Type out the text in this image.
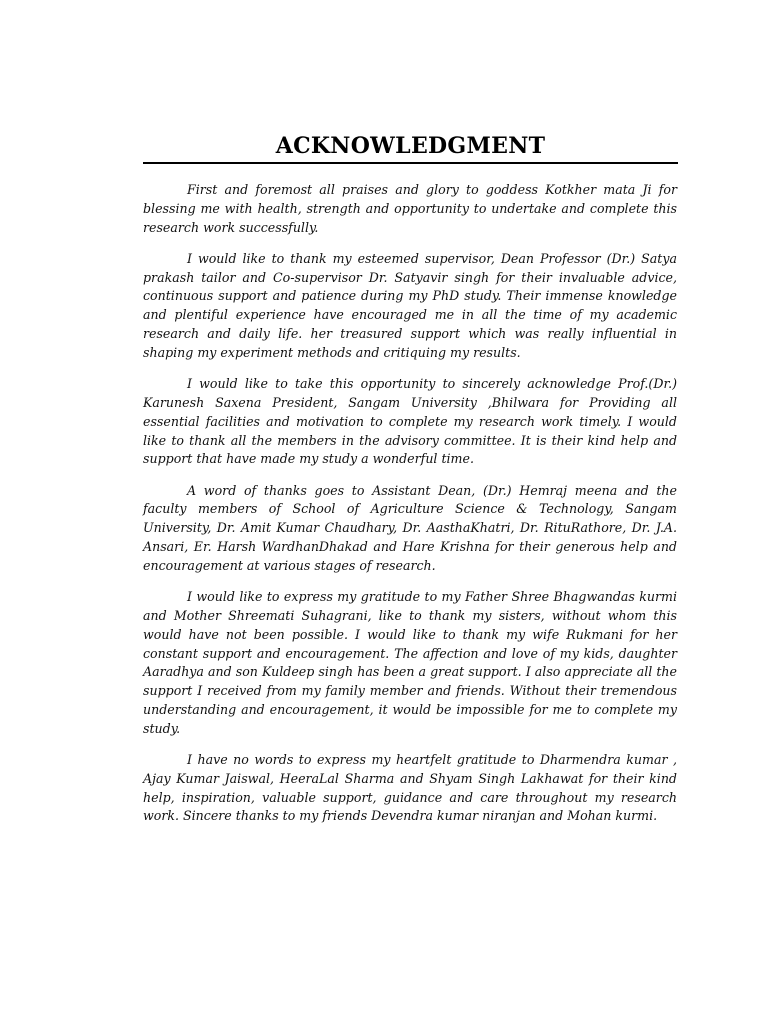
ACKNOWLEDGMENT

First and foremost all praises and glory to goddess Kotkher mata Ji for blessing me with health, strength and opportunity to undertake and complete this research work successfully.

I would like to thank my esteemed supervisor, Dean Professor (Dr.) Satya prakash tailor and Co-supervisor Dr. Satyavir singh for their invaluable advice, continuous support and patience during my PhD study. Their immense knowledge and plentiful experience have encouraged me in all the time of my academic research and daily life. her treasured support which was really influential in shaping my experiment methods and critiquing my results.

I would like to take this opportunity to sincerely acknowledge Prof.(Dr.) Karunesh Saxena President, Sangam University ,Bhilwara for Providing all essential facilities and motivation to complete my research work timely. I would like to thank all the members in the advisory committee. It is their kind help and support that have made my study a wonderful time.

A word of thanks goes to Assistant Dean, (Dr.) Hemraj meena and the faculty members of School of Agriculture Science & Technology, Sangam University, Dr. Amit Kumar Chaudhary, Dr. AasthaKhatri, Dr. RituRathore, Dr. J.A. Ansari, Er. Harsh WardhanDhakad and Hare Krishna for their generous help and encouragement at various stages of research.

I would like to express my gratitude to my Father Shree Bhagwandas kurmi and Mother Shreemati Suhagrani, like to thank my sisters, without whom this would have not been possible. I would like to thank my wife Rukmani for her constant support and encouragement. The affection and love of my kids, daughter Aaradhya and son Kuldeep singh has been a great support. I also appreciate all the support I received from my family member and friends. Without their tremendous understanding and encouragement, it would be impossible for me to complete my study.

I have no words to express my heartfelt gratitude to Dharmendra kumar , Ajay Kumar Jaiswal, HeeraLal Sharma and Shyam Singh Lakhawat for their kind help, inspiration, valuable support, guidance and care throughout my research work. Sincere thanks to my friends Devendra kumar niranjan and Mohan kurmi.
